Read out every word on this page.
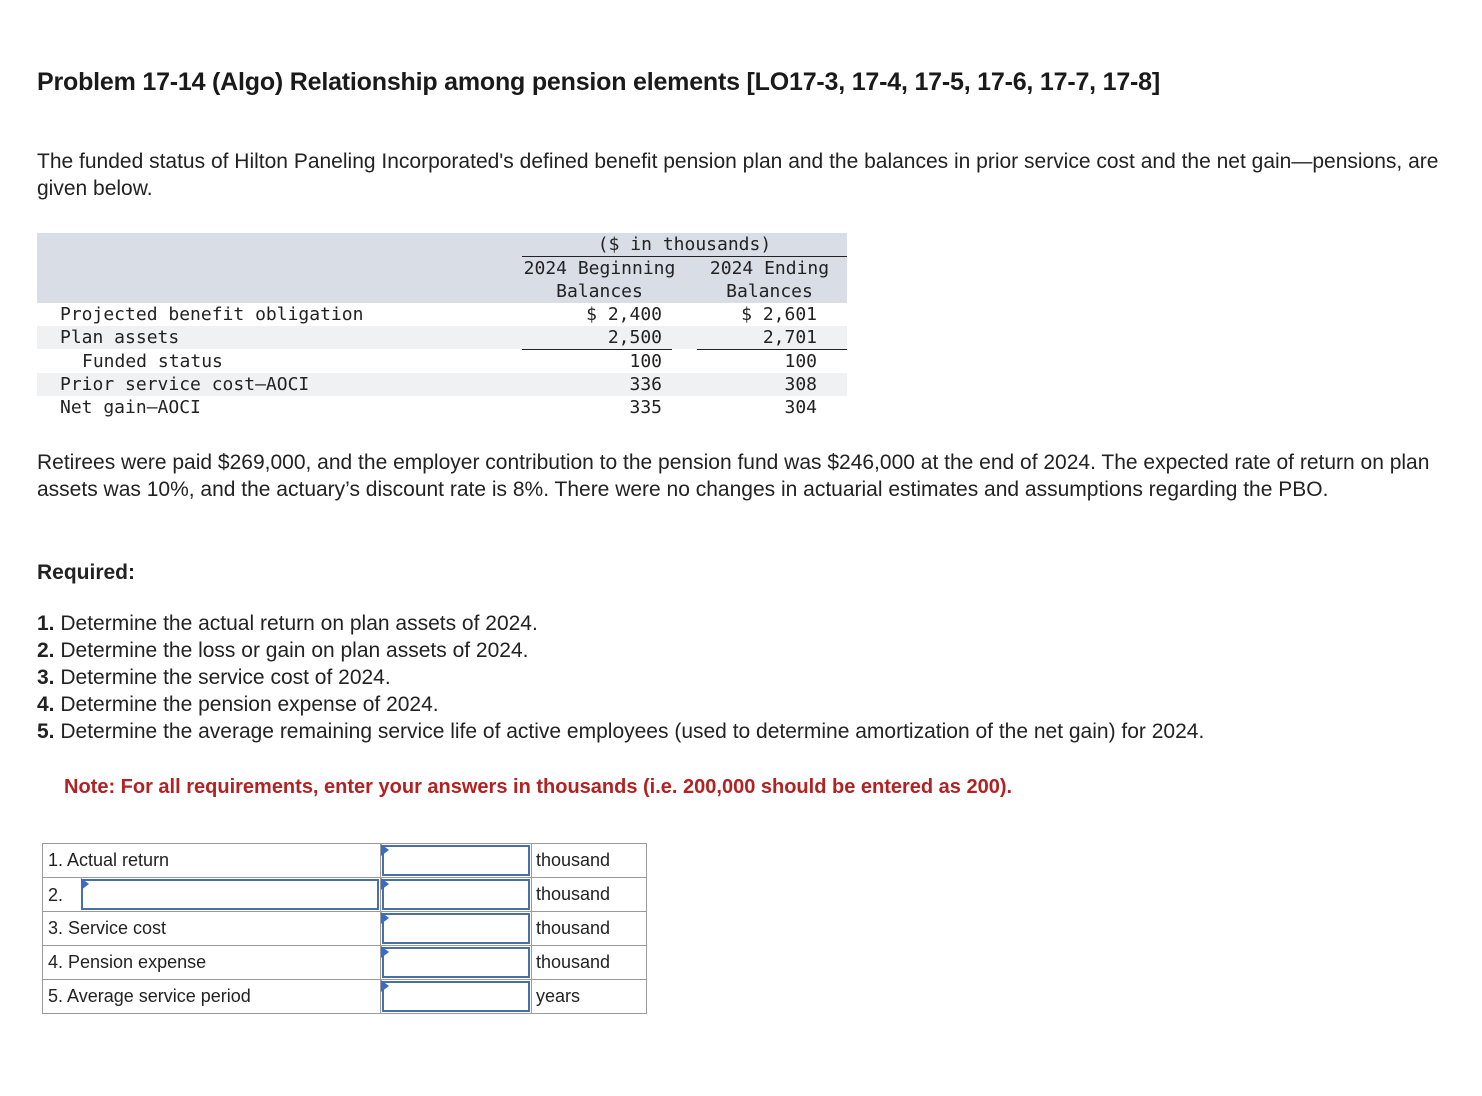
Problem 17-14 (Algo) Relationship among pension elements [LO17-3, 17-4, 17-5, 17-6, 17-7, 17-8]

The funded status of Hilton Paneling Incorporated's defined benefit pension plan and the balances in prior service cost and the net gain—pensions, are given below.

($ in thousands)
2024 Beginning
Balances
2024 Ending
Balances
Projected benefit obligation	$ 2,400	$ 2,601
Plan assets	2,500	2,701
Funded status	100	100
Prior service cost–AOCI	336	308
Net gain–AOCI	335	304

Retirees were paid $269,000, and the employer contribution to the pension fund was $246,000 at the end of 2024. The expected rate of return on plan assets was 10%, and the actuary’s discount rate is 8%. There were no changes in actuarial estimates and assumptions regarding the PBO.

Required:

1. Determine the actual return on plan assets of 2024.
2. Determine the loss or gain on plan assets of 2024.
3. Determine the service cost of 2024.
4. Determine the pension expense of 2024.
5. Determine the average remaining service life of active employees (used to determine amortization of the net gain) for 2024.

Note: For all requirements, enter your answers in thousands (i.e. 200,000 should be entered as 200).

1. Actual return		thousand

2.		thousand
3. Service cost		thousand
4. Pension expense		thousand
5. Average service period		years
